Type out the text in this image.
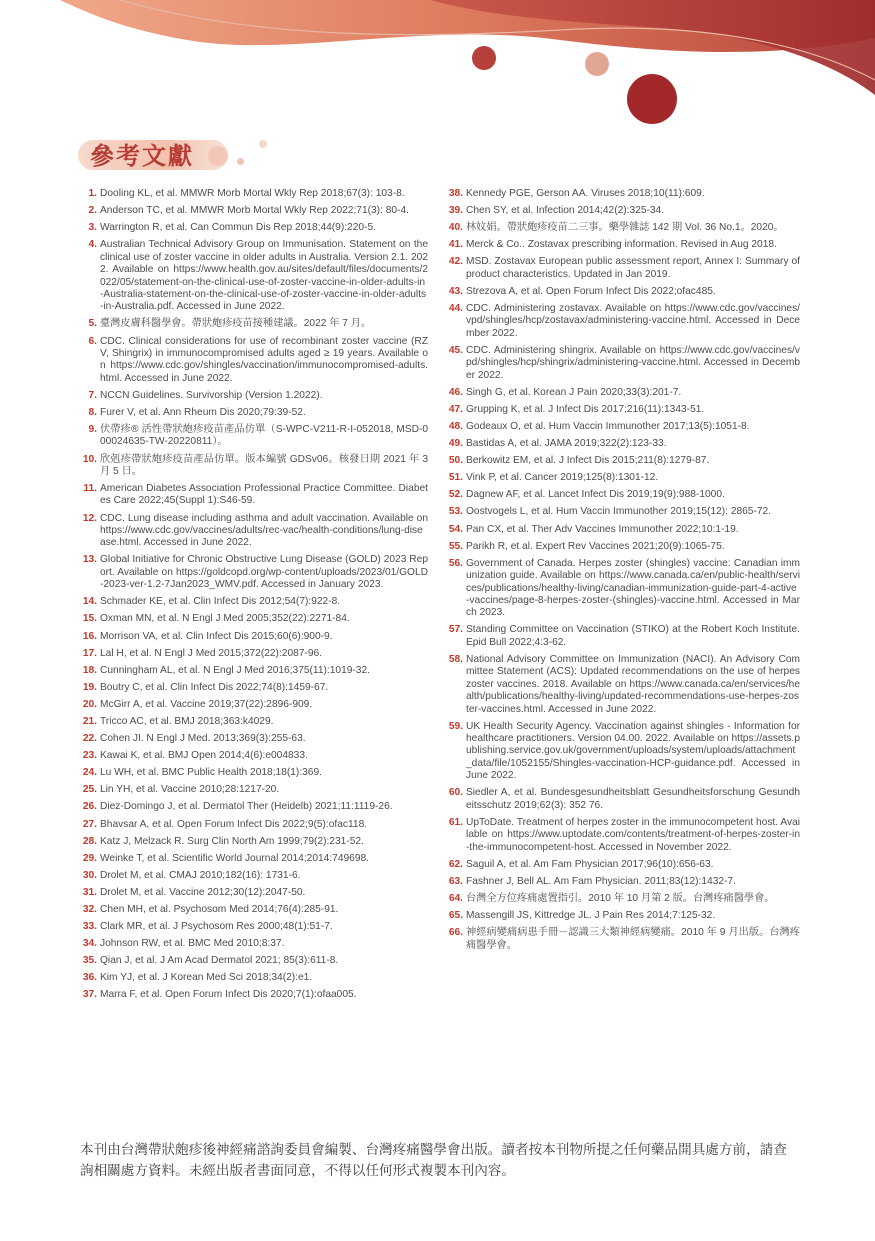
參考文獻
1. Dooling KL, et al. MMWR Morb Mortal Wkly Rep 2018;67(3): 103-8.
2. Anderson TC, et al. MMWR Morb Mortal Wkly Rep 2022;71(3): 80-4.
3. Warrington R, et al. Can Commun Dis Rep 2018;44(9):220-5.
4. Australian Technical Advisory Group on Immunisation. Statement on the clinical use of zoster vaccine in older adults in Australia. Version 2.1. 2022. Available on https://www.health.gov.au/sites/default/files/documents/2022/05/statement-on-the-clinical-use-of-zoster-vaccine-in-older-adults-in-Australia-statement-on-the-clinical-use-of-zoster-vaccine-in-older-adults-in-Australia.pdf. Accessed in June 2022.
5. 臺灣皮膚科醫學會。帶狀皰疹疫苗接種建議。2022 年 7 月。
6. CDC. Clinical considerations for use of recombinant zoster vaccine (RZV, Shingrix) in immunocompromised adults aged ≥ 19 years. Available on https://www.cdc.gov/shingles/vaccination/immunocompromised-adults.html. Accessed in June 2022.
7. NCCN Guidelines. Survivorship (Version 1.2022).
8. Furer V, et al. Ann Rheum Dis 2020;79:39-52.
9. 伏帶疹® 活性帶狀皰疹疫苗產品仿單（S-WPC-V211-R-I-052018, MSD-000024635-TW-20220811）。
10. 欣剋疹帶狀皰疹疫苗產品仿單。版本編號 GDSv06。核發日期 2021 年 3 月 5 日。
11. American Diabetes Association Professional Practice Committee. Diabetes Care 2022;45(Suppl 1):S46-59.
12. CDC. Lung disease including asthma and adult vaccination. Available on https://www.cdc.gov/vaccines/adults/rec-vac/health-conditions/lung-disease.html. Accessed in June 2022.
13. Global Initiative for Chronic Obstructive Lung Disease (GOLD) 2023 Report. Available on https://goldcopd.org/wp-content/uploads/2023/01/GOLD-2023-ver-1.2-7Jan2023_WMV.pdf. Accessed in January 2023.
14. Schmader KE, et al. Clin Infect Dis 2012;54(7):922-8.
15. Oxman MN, et al. N Engl J Med 2005;352(22):2271-84.
16. Morrison VA, et al. Clin Infect Dis 2015;60(6):900-9.
17. Lal H, et al. N Engl J Med 2015;372(22):2087-96.
18. Cunningham AL, et al. N Engl J Med 2016;375(11):1019-32.
19. Boutry C, et al. Clin Infect Dis 2022;74(8):1459-67.
20. McGirr A, et al. Vaccine 2019;37(22):2896-909.
21. Tricco AC, et al. BMJ 2018;363:k4029.
22. Cohen JI. N Engl J Med. 2013;369(3):255-63.
23. Kawai K, et al. BMJ Open 2014;4(6):e004833.
24. Lu WH, et al. BMC Public Health 2018;18(1):369.
25. Lin YH, et al. Vaccine 2010;28:1217-20.
26. Diez-Domingo J, et al. Dermatol Ther (Heidelb) 2021;11:1119-26.
27. Bhavsar A, et al. Open Forum Infect Dis 2022;9(5):ofac118.
28. Katz J, Melzack R. Surg Clin North Am 1999;79(2):231-52.
29. Weinke T, et al. Scientific World Journal 2014;2014:749698.
30. Drolet M, et al. CMAJ 2010;182(16): 1731-6.
31. Drolet M, et al. Vaccine 2012;30(12):2047-50.
32. Chen MH, et al. Psychosom Med 2014;76(4):285-91.
33. Clark MR, et al. J Psychosom Res 2000;48(1):51-7.
34. Johnson RW, et al. BMC Med 2010;8:37.
35. Qian J, et al. J Am Acad Dermatol 2021; 85(3):611-8.
36. Kim YJ, et al. J Korean Med Sci 2018;34(2):e1.
37. Marra F, et al. Open Forum Infect Dis 2020;7(1):ofaa005.
38. Kennedy PGE, Gerson AA. Viruses 2018;10(11):609.
39. Chen SY, et al. Infection 2014;42(2):325-34.
40. 林妏娟。帶狀皰疹疫苗二三事。藥學雜誌 142 期 Vol. 36 No.1。2020。
41. Merck & Co.. Zostavax prescribing information. Revised in Aug 2018.
42. MSD. Zostavax European public assessment report, Annex I: Summary of product characteristics. Updated in Jan 2019.
43. Strezova A, et al. Open Forum Infect Dis 2022;ofac485.
44. CDC. Administering zostavax. Available on https://www.cdc.gov/vaccines/vpd/shingles/hcp/zostavax/administering-vaccine.html. Accessed in December 2022.
45. CDC. Administering shingrix. Available on https://www.cdc.gov/vaccines/vpd/shingles/hcp/shingrix/administering-vaccine.html. Accessed in December 2022.
46. Singh G, et al. Korean J Pain 2020;33(3):201-7.
47. Grupping K, et al. J Infect Dis 2017;216(11):1343-51.
48. Godeaux O, et al. Hum Vaccin Immunother 2017;13(5):1051-8.
49. Bastidas A, et al. JAMA 2019;322(2):123-33.
50. Berkowitz EM, et al. J Infect Dis 2015;211(8):1279-87.
51. Vink P, et al. Cancer 2019;125(8):1301-12.
52. Dagnew AF, et al. Lancet Infect Dis 2019;19(9):988-1000.
53. Oostvogels L, et al. Hum Vaccin Immunother 2019;15(12): 2865-72.
54. Pan CX, et al. Ther Adv Vaccines Immunother 2022;10:1-19.
55. Parikh R, et al. Expert Rev Vaccines 2021;20(9):1065-75.
56. Government of Canada. Herpes zoster (shingles) vaccine: Canadian immunization guide. Available on https://www.canada.ca/en/public-health/services/publications/healthy-living/canadian-immunization-guide-part-4-active-vaccines/page-8-herpes-zoster-(shingles)-vaccine.html. Accessed in March 2023.
57. Standing Committee on Vaccination (STIKO) at the Robert Koch Institute. Epid Bull 2022;4:3-62.
58. National Advisory Committee on Immunization (NACI). An Advisory Committee Statement (ACS): Updated recommendations on the use of herpes zoster vaccines. 2018. Available on https://www.canada.ca/en/services/health/publications/healthy-living/updated-recommendations-use-herpes-zoster-vaccines.html. Accessed in June 2022.
59. UK Health Security Agency. Vaccination against shingles - Information for healthcare practitioners. Version 04.00. 2022. Available on https://assets.publishing.service.gov.uk/government/uploads/system/uploads/attachment_data/file/1052155/Shingles-vaccination-HCP-guidance.pdf. Accessed in June 2022.
60. Siedler A, et al. Bundesgesundheitsblatt Gesundheitsforschung Gesundheitsschutz 2019;62(3): 352 76.
61. UpToDate. Treatment of herpes zoster in the immunocompetent host. Available on https://www.uptodate.com/contents/treatment-of-herpes-zoster-in-the-immunocompetent-host. Accessed in November 2022.
62. Saguil A, et al. Am Fam Physician 2017;96(10):656-63.
63. Fashner J, Bell AL. Am Fam Physician. 2011;83(12):1432-7.
64. 台灣全方位疼痛處置指引。2010 年 10 月第 2 版。台灣疼痛醫學會。
65. Massengill JS, Kittredge JL. J Pain Res 2014;7:125-32.
66. 神經病變痛病患手冊－認識三大類神經病變痛。2010 年 9 月出版。台灣疼痛醫學會。
本刊由台灣帶狀皰疹後神經痛諮詢委員會編製、台灣疼痛醫學會出版。讀者按本刊物所提之任何藥品開具處方前，請查詢相關處方資料。未經出版者書面同意，不得以任何形式複製本刊內容。
